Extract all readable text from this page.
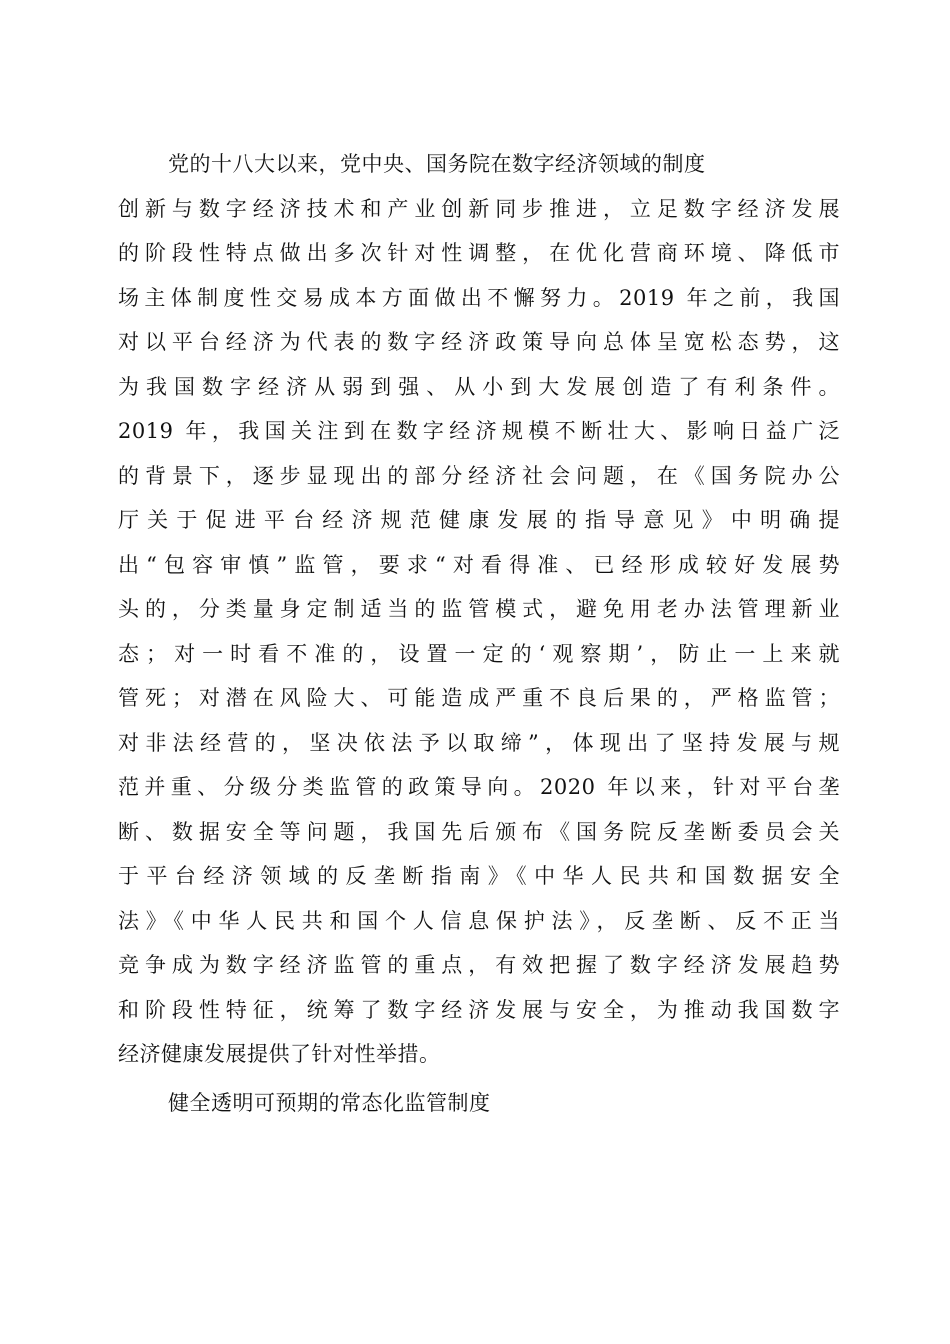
党的十八大以来，党中央、国务院在数字经济领域的制度
创新与数字经济技术和产业创新同步推进，立足数字经济发展
的阶段性特点做出多次针对性调整，在优化营商环境、降低市
场主体制度性交易成本方面做出不懈努力。2019 年之前，我国
对以平台经济为代表的数字经济政策导向总体呈宽松态势，这
为我国数字经济从弱到强、从小到大发展创造了有利条件。
2019 年，我国关注到在数字经济规模不断壮大、影响日益广泛
的背景下，逐步显现出的部分经济社会问题，在《国务院办公
厅关于促进平台经济规范健康发展的指导意见》中明确提
出“包容审慎”监管，要求“对看得准、已经形成较好发展势
头的，分类量身定制适当的监管模式，避免用老办法管理新业
态；对一时看不准的，设置一定的‘观察期’，防止一上来就
管死；对潜在风险大、可能造成严重不良后果的，严格监管；
对非法经营的，坚决依法予以取缔”，体现出了坚持发展与规
范并重、分级分类监管的政策导向。2020 年以来，针对平台垄
断、数据安全等问题，我国先后颁布《国务院反垄断委员会关
于平台经济领域的反垄断指南》《中华人民共和国数据安全
法》《中华人民共和国个人信息保护法》，反垄断、反不正当
竞争成为数字经济监管的重点，有效把握了数字经济发展趋势
和阶段性特征，统筹了数字经济发展与安全，为推动我国数字
经济健康发展提供了针对性举措。
健全透明可预期的常态化监管制度
